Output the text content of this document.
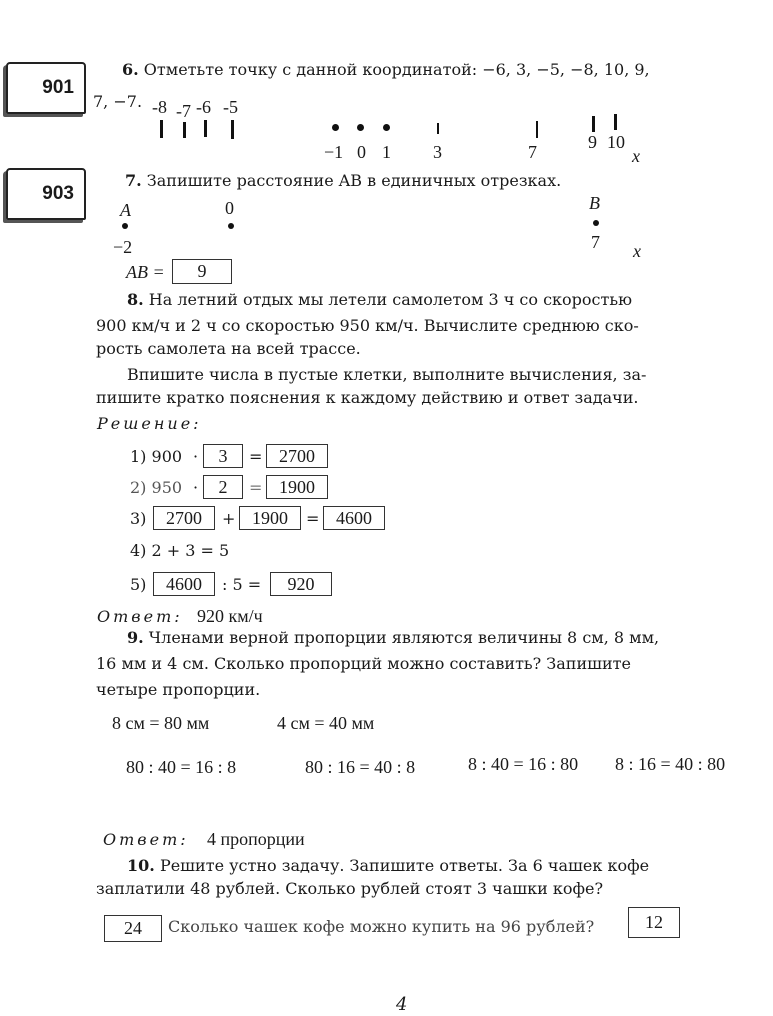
901
903
6. Отметьте точку с данной координатой: −6, 3, −5, −8, 10, 9,
7, −7. -8 -7 -6 -5
−1 0 1 3	7	9 10
x
7. Запишите расстояние AB в единичных отрезках.
A	0	B
−2	7 x
AB =	9
8. На летний отдых мы летели самолетом 3 ч со скоростью
900 км/ч и 2 ч со скоростью 950 км/ч. Вычислите среднюю ско-
рость самолета на всей трассе.
Впишите числа в пустые клетки, выполните вычисления, за-
пишите кратко пояснения к каждому действию и ответ задачи.
Решение:
1) 900 ·	3	= 2700
2) 950 ·	2	= 1900
3)	2700	+ 1900	= 4600
4) 2 + 3 = 5
5)	4600	: 5 =	920
Ответ: 920 км/ч
9. Членами верной пропорции являются величины 8 см, 8 мм,
16 мм и 4 см. Сколько пропорций можно составить? Запишите
четыре пропорции.
8 см = 80 мм	4 см = 40 мм
80 : 40 = 16 : 8	80 : 16 = 40 : 8	8 : 40 = 16 : 80 8 : 16 = 40 : 80
Ответ: 4 пропорции
10. Решите устно задачу. Запишите ответы. За 6 чашек кофе
заплатили 48 рублей. Сколько рублей стоят 3 чашки кофе?
24	Сколько чашек кофе можно купить на 96 рублей?	12
4
